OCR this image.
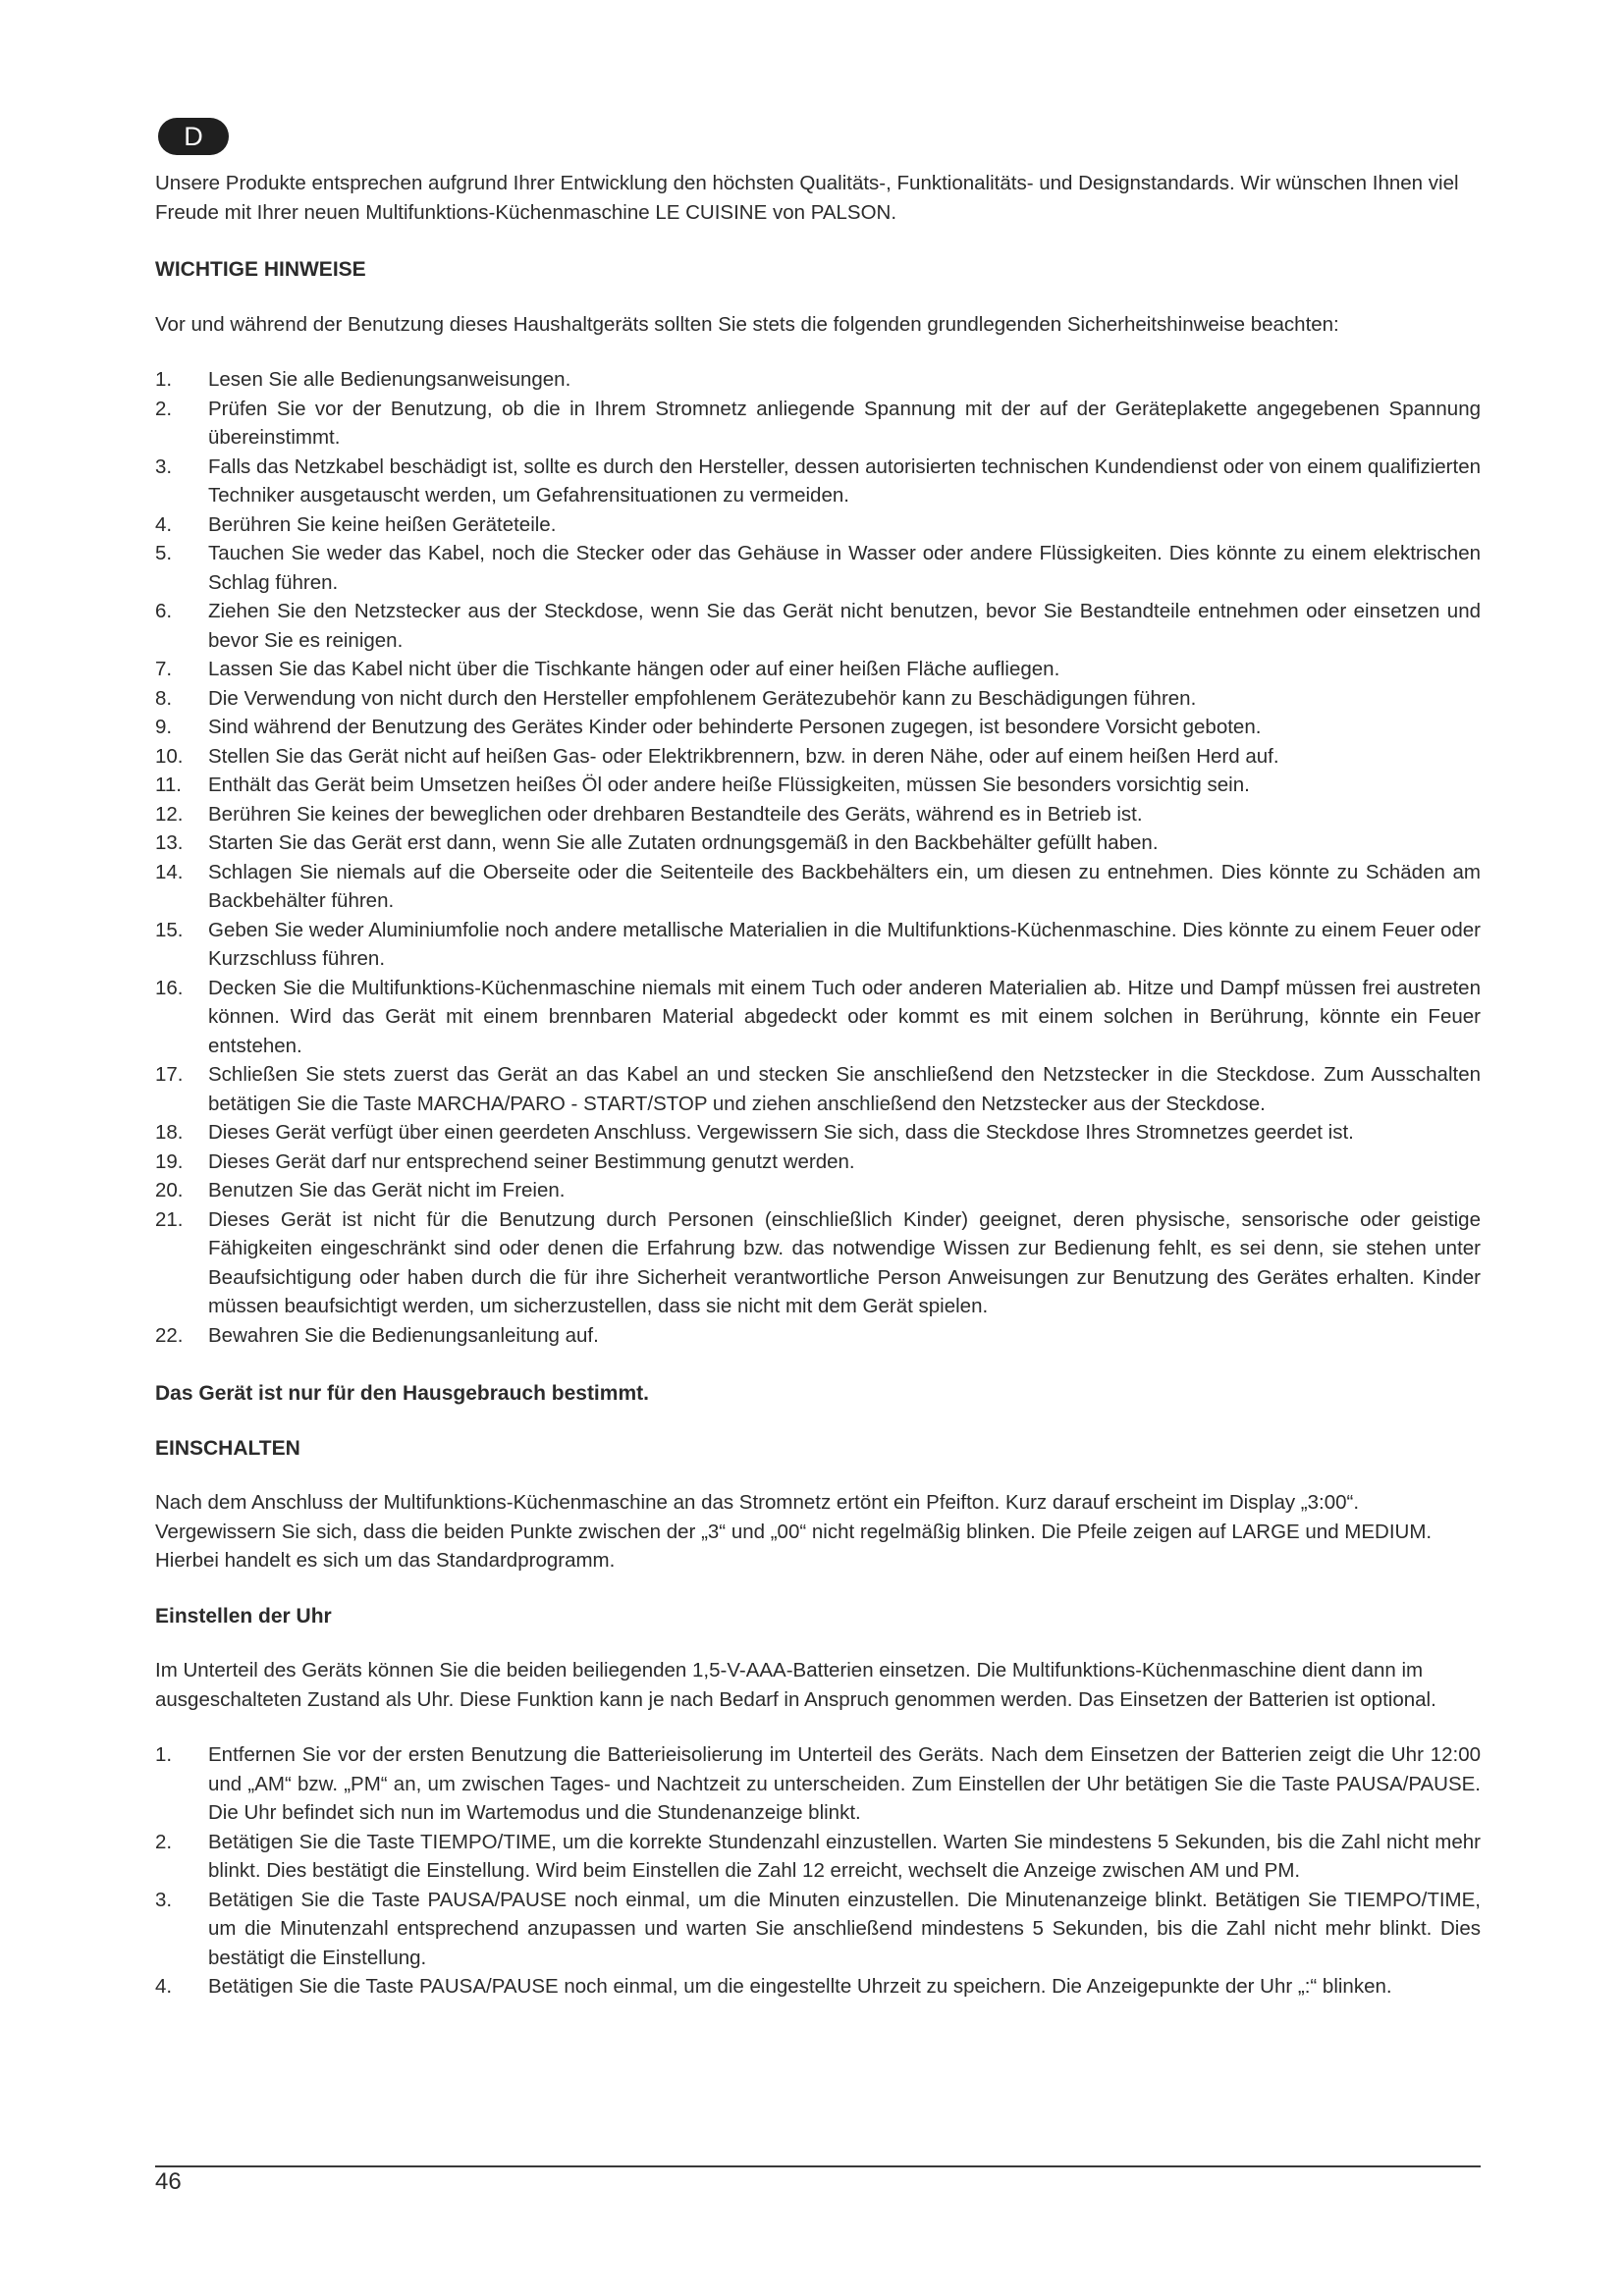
D

Unsere Produkte entsprechen aufgrund Ihrer Entwicklung den höchsten Qualitäts-, Funktionalitäts- und Designstandards. Wir wünschen Ihnen viel Freude mit Ihrer neuen Multifunktions-Küchenmaschine LE CUISINE von PALSON.

WICHTIGE HINWEISE

Vor und während der Benutzung dieses Haushaltgeräts sollten Sie stets die folgenden grundlegenden Sicherheitshinweise beachten:

1.	Lesen Sie alle Bedienungsanweisungen.
2.	Prüfen Sie vor der Benutzung, ob die in Ihrem Stromnetz anliegende Spannung mit der auf der Geräteplakette angegebenen Spannung übereinstimmt.
3.	Falls das Netzkabel beschädigt ist, sollte es durch den Hersteller, dessen autorisierten technischen Kundendienst oder von einem qualifizierten Techniker ausgetauscht werden, um Gefahrensituationen zu vermeiden.
4.	Berühren Sie keine heißen Geräteteile.
5.	Tauchen Sie weder das Kabel, noch die Stecker oder das Gehäuse in Wasser oder andere Flüssigkeiten. Dies könnte zu einem elektrischen Schlag führen.
6.	Ziehen Sie den Netzstecker aus der Steckdose, wenn Sie das Gerät nicht benutzen, bevor Sie Bestandteile entnehmen oder einsetzen und bevor Sie es reinigen.
7.	Lassen Sie das Kabel nicht über die Tischkante hängen oder auf einer heißen Fläche aufliegen.
8.	Die Verwendung von nicht durch den Hersteller empfohlenem Gerätezubehör kann zu Beschädigungen führen.
9.	Sind während der Benutzung des Gerätes Kinder oder behinderte Personen zugegen, ist besondere Vorsicht geboten.
10.	Stellen Sie das Gerät nicht auf heißen Gas- oder Elektrikbrennern, bzw. in deren Nähe, oder auf einem heißen Herd auf.
11.	Enthält das Gerät beim Umsetzen heißes Öl oder andere heiße Flüssigkeiten, müssen Sie besonders vorsichtig sein.
12.	Berühren Sie keines der beweglichen oder drehbaren Bestandteile des Geräts, während es in Betrieb ist.
13.	Starten Sie das Gerät erst dann, wenn Sie alle Zutaten ordnungsgemäß in den Backbehälter gefüllt haben.
14.	Schlagen Sie niemals auf die Oberseite oder die Seitenteile des Backbehälters ein, um diesen zu entnehmen. Dies könnte zu Schäden am Backbehälter führen.
15.	Geben Sie weder Aluminiumfolie noch andere metallische Materialien in die Multifunktions-Küchenmaschine. Dies könnte zu einem Feuer oder Kurzschluss führen.
16.	Decken Sie die Multifunktions-Küchenmaschine niemals mit einem Tuch oder anderen Materialien ab. Hitze und Dampf müssen frei austreten können. Wird das Gerät mit einem brennbaren Material abgedeckt oder kommt es mit einem solchen in Berührung, könnte ein Feuer entstehen.
17.	Schließen Sie stets zuerst das Gerät an das Kabel an und stecken Sie anschließend den Netzstecker in die Steckdose. Zum Ausschalten betätigen Sie die Taste MARCHA/PARO - START/STOP und ziehen anschließend den Netzstecker aus der Steckdose.
18.	Dieses Gerät verfügt über einen geerdeten Anschluss. Vergewissern Sie sich, dass die Steckdose Ihres Stromnetzes geerdet ist.
19.	Dieses Gerät darf nur entsprechend seiner Bestimmung genutzt werden.
20.	Benutzen Sie das Gerät nicht im Freien.
21.	Dieses Gerät ist nicht für die Benutzung durch Personen (einschließlich Kinder) geeignet, deren physische, sensorische oder geistige Fähigkeiten eingeschränkt sind oder denen die Erfahrung bzw. das notwendige Wissen zur Bedienung fehlt, es sei denn, sie stehen unter Beaufsichtigung oder haben durch die für ihre Sicherheit verantwortliche Person Anweisungen zur Benutzung des Gerätes erhalten. Kinder müssen beaufsichtigt werden, um sicherzustellen, dass sie nicht mit dem Gerät spielen.
22.	Bewahren Sie die Bedienungsanleitung auf.

Das Gerät ist nur für den Hausgebrauch bestimmt.

EINSCHALTEN

Nach dem Anschluss der Multifunktions-Küchenmaschine an das Stromnetz ertönt ein Pfeifton. Kurz darauf erscheint im Display „3:00“. Vergewissern Sie sich, dass die beiden Punkte zwischen der „3“ und „00“ nicht regelmäßig blinken. Die Pfeile zeigen auf LARGE und MEDIUM. Hierbei handelt es sich um das Standardprogramm.

Einstellen der Uhr

Im Unterteil des Geräts können Sie die beiden beiliegenden 1,5-V-AAA-Batterien einsetzen. Die Multifunktions-Küchenmaschine dient dann im ausgeschalteten Zustand als Uhr. Diese Funktion kann je nach Bedarf in Anspruch genommen werden. Das Einsetzen der Batterien ist optional.

1.	Entfernen Sie vor der ersten Benutzung die Batterieisolierung im Unterteil des Geräts. Nach dem Einsetzen der Batterien zeigt die Uhr 12:00 und „AM“ bzw. „PM“ an, um zwischen Tages- und Nachtzeit zu unterscheiden. Zum Einstellen der Uhr betätigen Sie die Taste PAUSA/PAUSE. Die Uhr befindet sich nun im Wartemodus und die Stundenanzeige blinkt.
2.	Betätigen Sie die Taste TIEMPO/TIME, um die korrekte Stundenzahl einzustellen. Warten Sie mindestens 5 Sekunden, bis die Zahl nicht mehr blinkt. Dies bestätigt die Einstellung. Wird beim Einstellen die Zahl 12 erreicht, wechselt die Anzeige zwischen AM und PM.
3.	Betätigen Sie die Taste PAUSA/PAUSE noch einmal, um die Minuten einzustellen. Die Minutenanzeige blinkt. Betätigen Sie TIEMPO/TIME, um die Minutenzahl entsprechend anzupassen und warten Sie anschließend mindestens 5 Sekunden, bis die Zahl nicht mehr blinkt. Dies bestätigt die Einstellung.
4.	Betätigen Sie die Taste PAUSA/PAUSE noch einmal, um die eingestellte Uhrzeit zu speichern. Die Anzeigepunkte der Uhr „:“ blinken.
46
